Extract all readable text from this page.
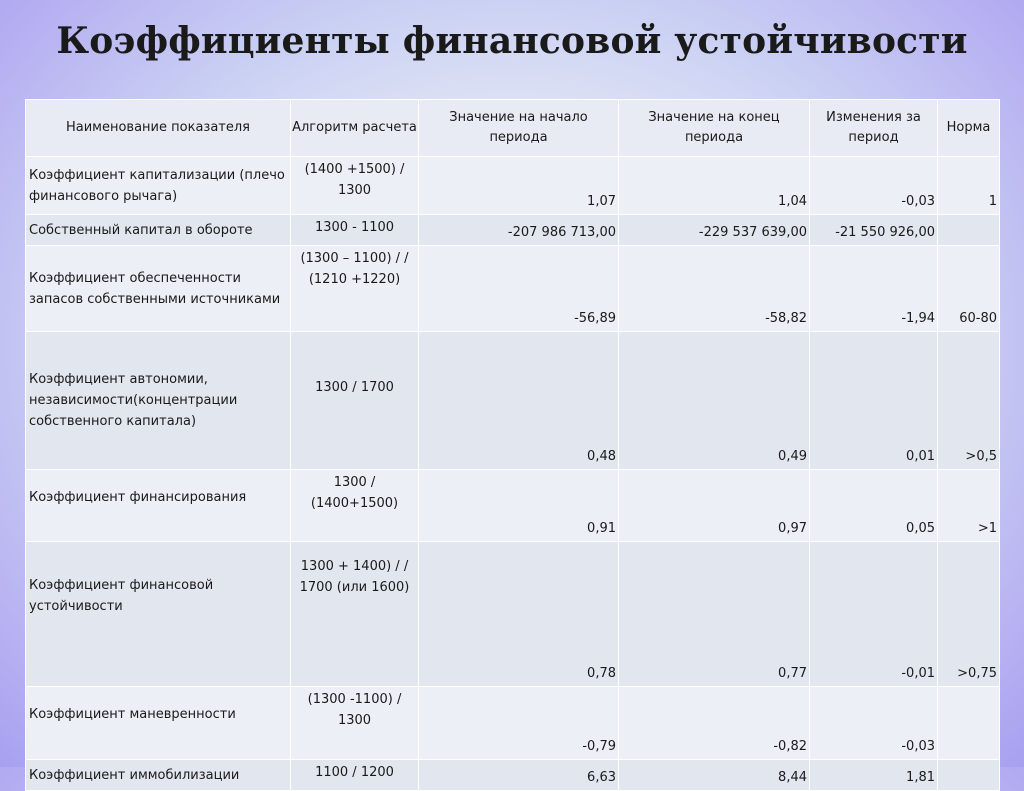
Коэффициенты финансовой устойчивости
Наименование показателя	Алгоритм расчета	Значение на начало периода	Значение на конец периода	Изменения за период	Норма
Коэффициент капитализации (плечо финансового рычага)	(1400 +1500) / 1300	1,07	1,04	-0,03	1
Собственный капитал в обороте	1300 - 1100	-207 986 713,00	-229 537 639,00	-21 550 926,00	
Коэффициент обеспеченности запасов собственными источниками	(1300 – 1100) / / (1210 +1220)	-56,89	-58,82	-1,94	60-80
Коэффициент автономии, независимости(концентрации собственного капитала)	1300 / 1700	0,48	0,49	0,01	>0,5
Коэффициент финансирования	1300 / (1400+1500)	0,91	0,97	0,05	>1
Коэффициент финансовой устойчивости	1300 + 1400) / / 1700 (или 1600)	0,78	0,77	-0,01	>0,75
Коэффициент маневренности	(1300 -1100) / 1300	-0,79	-0,82	-0,03	
Коэффициент иммобилизации	1100 / 1200	6,63	8,44	1,81	
